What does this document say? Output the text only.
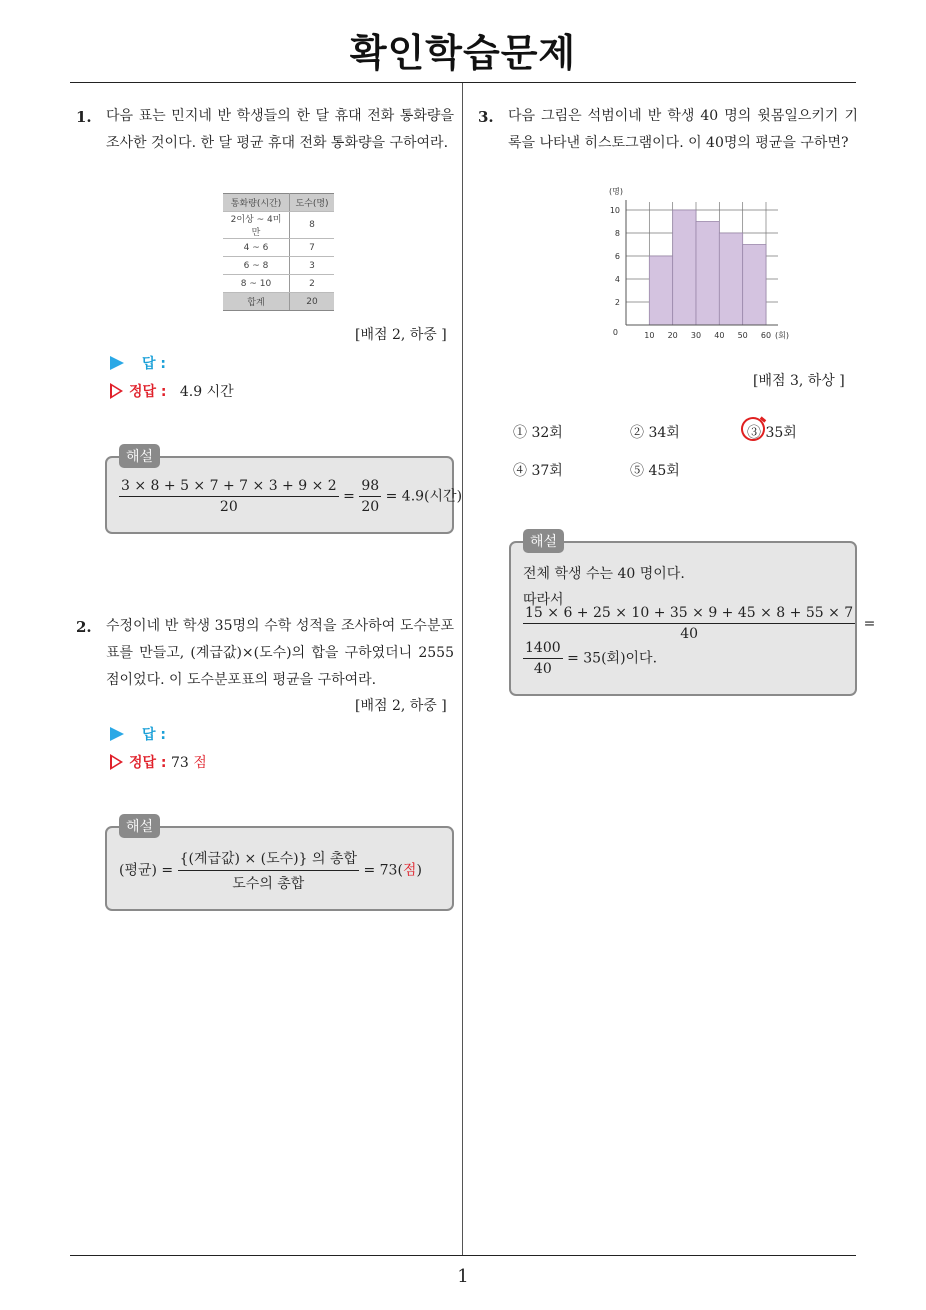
확인학습문제
1. 다음 표는 민지네 반 학생들의 한 달 휴대 전화 통화량을 조사한 것이다. 한 달 평균 휴대 전화 통화량을 구하여라.
통화량(시간)	도수(명)
2이상 ~ 4미만	8
4 ~ 6	7
6 ~ 8	3
8 ~ 10	2
합계	20
[배점 2, 하중 ]
답 :
정답 : 4.9 시간
해설
$\frac{3 \times 8 + 5 \times 7 + 7 \times 3 + 9 \times 2}{20} = \frac{98}{20} = 4.9$(시간)
2. 수정이네 반 학생 35명의 수학 성적을 조사하여 도수분포표를 만들고, (계급값)×(도수)의 합을 구하였더니 2555점이었다. 이 도수분포표의 평균을 구하여라.
[배점 2, 하중 ]
답 :
정답 : 73 점
해설
(평균) = $\frac{\text{\{(계급값) × (도수)\} 의 총합}}{\text{도수의 총합}} = 73$(점)
3. 다음 그림은 석범이네 반 학생 40 명의 윗몸일으키기 기록을 나타낸 히스토그램이다. 이 40명의 평균을 구하면?
0
2
4
6
8
10
10 20 30 40 50 60
(명)
(회)
[배점 3, 하상 ]
① 32회	② 34회	③ 35회
④ 37회	⑤ 45회
해설
전체 학생 수는 40 명이다.
따라서
$\frac{15 \times 6 + 25 \times 10 + 35 \times 9 + 45 \times 8 + 55 \times 7}{40}$ =
$\frac{1400}{40} = 35$(회)이다.
1
